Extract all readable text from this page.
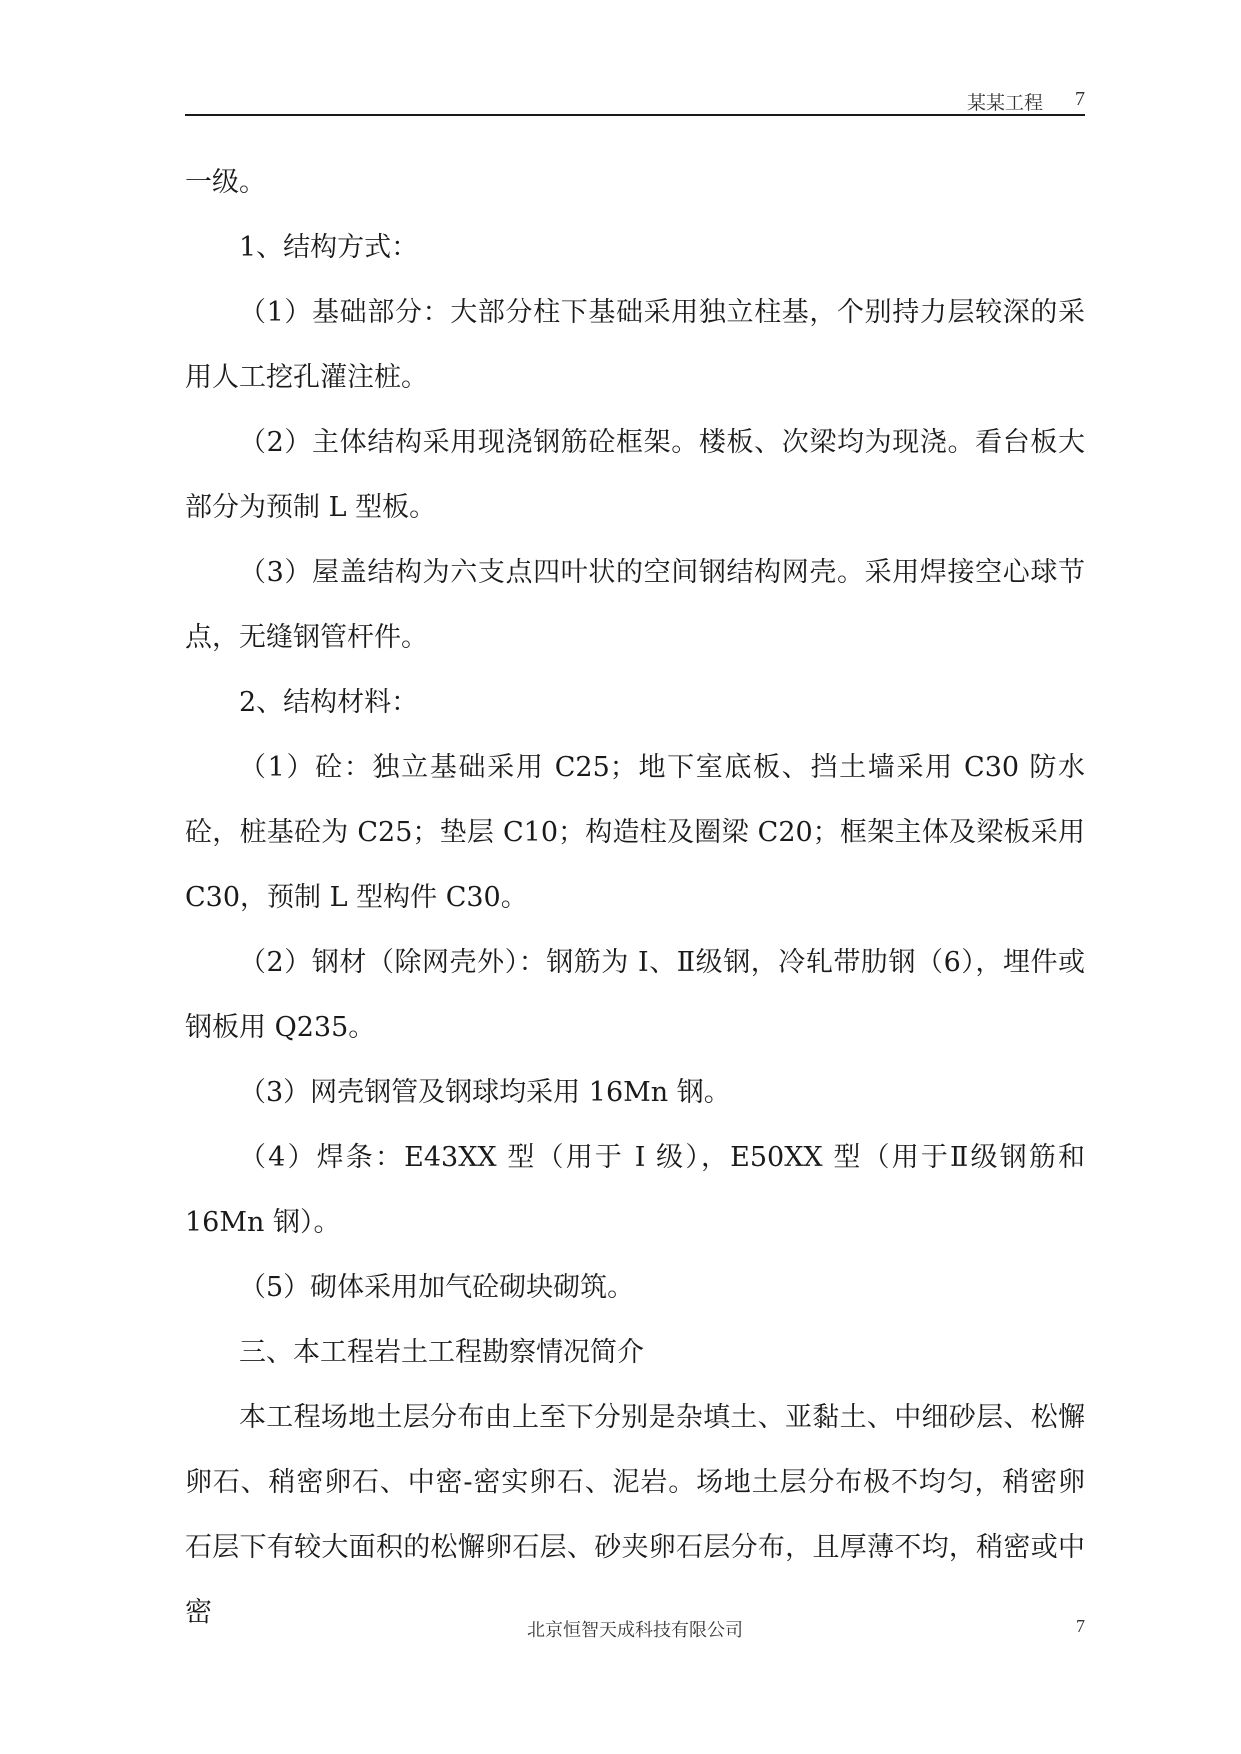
某某工程 7

一级。

1、结构方式：

（1）基础部分：大部分柱下基础采用独立柱基，个别持力层较深的采用人工挖孔灌注桩。

（2）主体结构采用现浇钢筋砼框架。楼板、次梁均为现浇。看台板大部分为预制 L 型板。

（3）屋盖结构为六支点四叶状的空间钢结构网壳。采用焊接空心球节点，无缝钢管杆件。

2、结构材料：

（1）砼：独立基础采用 C25；地下室底板、挡土墙采用 C30 防水砼，桩基砼为 C25；垫层 C10；构造柱及圈梁 C20；框架主体及梁板采用 C30，预制 L 型构件 C30。

（2）钢材（除网壳外）：钢筋为 I、Ⅱ级钢，冷轧带肋钢（6），埋件或钢板用 Q235。

（3）网壳钢管及钢球均采用 16Mn 钢。

（4）焊条：E43XX 型（用于 I 级），E50XX 型（用于Ⅱ级钢筋和 16Mn 钢）。

（5）砌体采用加气砼砌块砌筑。

三、本工程岩土工程勘察情况简介

本工程场地土层分布由上至下分别是杂填土、亚黏土、中细砂层、松懈卵石、稍密卵石、中密-密实卵石、泥岩。场地土层分布极不均匀，稍密卵石层下有较大面积的松懈卵石层、砂夹卵石层分布，且厚薄不均，稍密或中密

北京恒智天成科技有限公司	7
